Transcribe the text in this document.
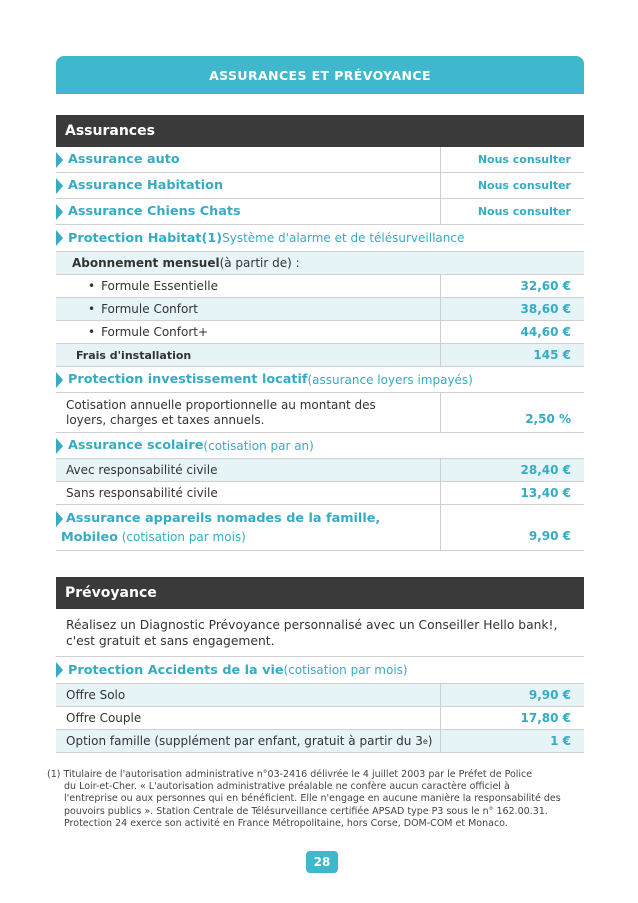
ASSURANCES ET PRÉVOYANCE
Assurances
Assurance auto	Nous consulter
Assurance Habitation	Nous consulter
Assurance Chiens Chats	Nous consulter
Protection Habitat (1) Système d'alarme et de télésurveillance
Abonnement mensuel (à partir de) :
• Formule Essentielle	32,60 €
• Formule Confort	38,60 €
• Formule Confort+	44,60 €
Frais d'installation	145 €
Protection investissement locatif (assurance loyers impayés)
Cotisation annuelle proportionnelle au montant des
loyers, charges et taxes annuels.	2,50 %
Assurance scolaire (cotisation par an)
Avec responsabilité civile	28,40 €
Sans responsabilité civile	13,40 €
Assurance appareils nomades de la famille,
Mobileo (cotisation par mois)	9,90 €
Prévoyance
Réalisez un Diagnostic Prévoyance personnalisé avec un Conseiller Hello bank!,
c'est gratuit et sans engagement.
Protection Accidents de la vie (cotisation par mois)
Offre Solo	9,90 €
Offre Couple	17,80 €
Option famille (supplément par enfant, gratuit à partir du 3 e )	1 €
(1) Titulaire de l'autorisation administrative n°03-2416 délivrée le 4 juillet 2003 par le Préfet de Police
du Loir-et-Cher. « L'autorisation administrative préalable ne confère aucun caractère officiel à
l'entreprise ou aux personnes qui en bénéficient. Elle n'engage en aucune manière la responsabilité des
pouvoirs publics ». Station Centrale de Télésurveillance certifiée APSAD type P3 sous le n° 162.00.31.
Protection 24 exerce son activité en France Métropolitaine, hors Corse, DOM-COM et Monaco.
28
